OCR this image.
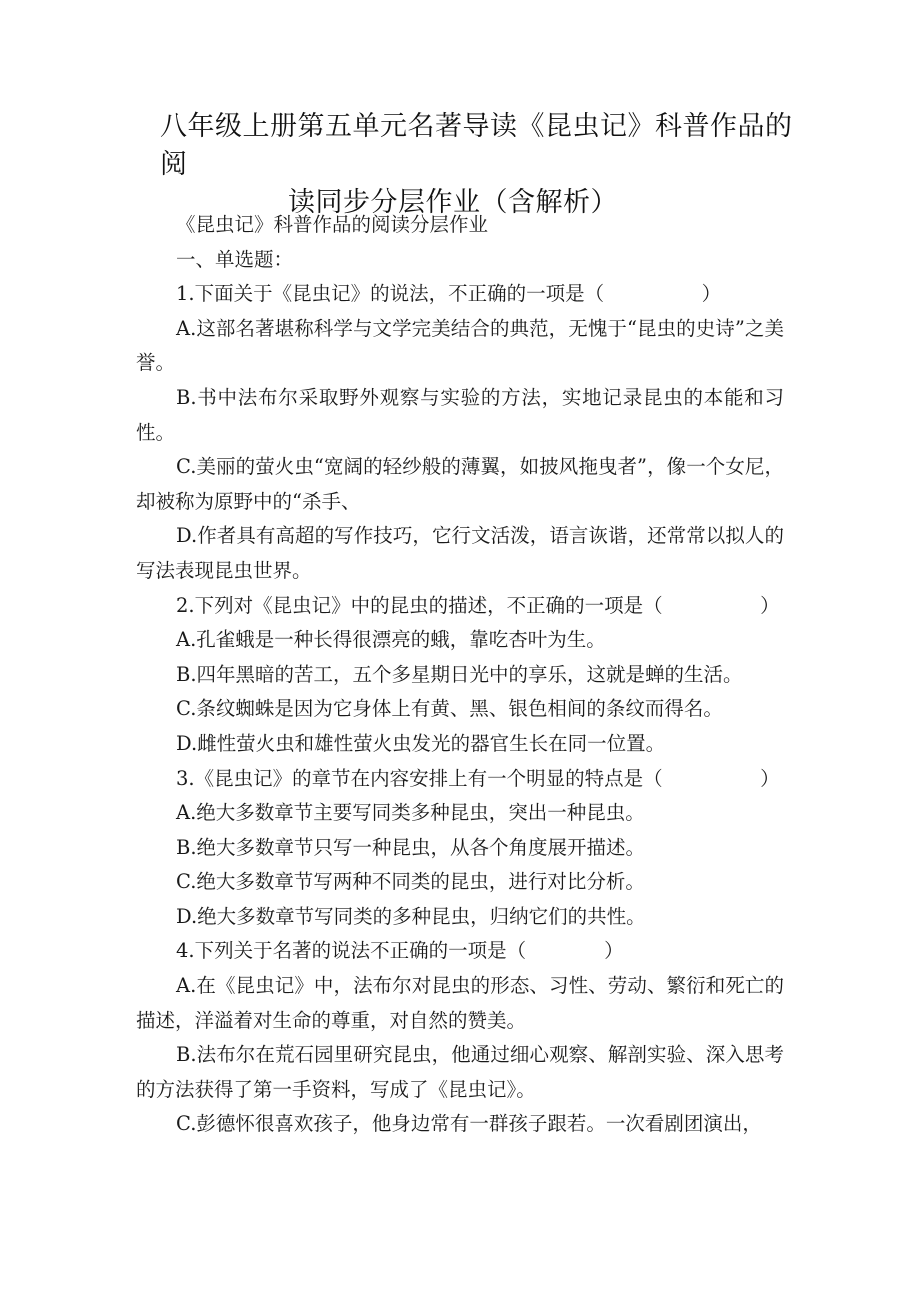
八年级上册第五单元名著导读《昆虫记》科普作品的阅
读同步分层作业（含解析）

《昆虫记》科普作品的阅读分层作业

一、单选题：

1.下面关于《昆虫记》的说法，不正确的一项是（　　　　　）

A.这部名著堪称科学与文学完美结合的典范，无愧于“昆虫的史诗”之美誉。

B.书中法布尔采取野外观察与实验的方法，实地记录昆虫的本能和习性。

C.美丽的萤火虫“宽阔的轻纱般的薄翼，如披风拖曳者”，像一个女尼，却被称为原野中的“杀手、

D.作者具有高超的写作技巧，它行文活泼，语言诙谐，还常常以拟人的写法表现昆虫世界。

2.下列对《昆虫记》中的昆虫的描述，不正确的一项是（　　　　　）

A.孔雀蛾是一种长得很漂亮的蛾，靠吃杏叶为生。

B.四年黑暗的苦工，五个多星期日光中的享乐，这就是蝉的生活。

C.条纹蜘蛛是因为它身体上有黄、黑、银色相间的条纹而得名。

D.雌性萤火虫和雄性萤火虫发光的器官生长在同一位置。

3.《昆虫记》的章节在内容安排上有一个明显的特点是（　　　　　）

A.绝大多数章节主要写同类多种昆虫，突出一种昆虫。

B.绝大多数章节只写一种昆虫，从各个角度展开描述。

C.绝大多数章节写两种不同类的昆虫，进行对比分析。

D.绝大多数章节写同类的多种昆虫，归纳它们的共性。

4.下列关于名著的说法不正确的一项是（　　　　）

A.在《昆虫记》中，法布尔对昆虫的形态、习性、劳动、繁衍和死亡的描述，洋溢着对生命的尊重，对自然的赞美。

B.法布尔在荒石园里研究昆虫，他通过细心观察、解剖实验、深入思考的方法获得了第一手资料，写成了《昆虫记》。

C.彭德怀很喜欢孩子，他身边常有一群孩子跟若。一次看剧团演出，
